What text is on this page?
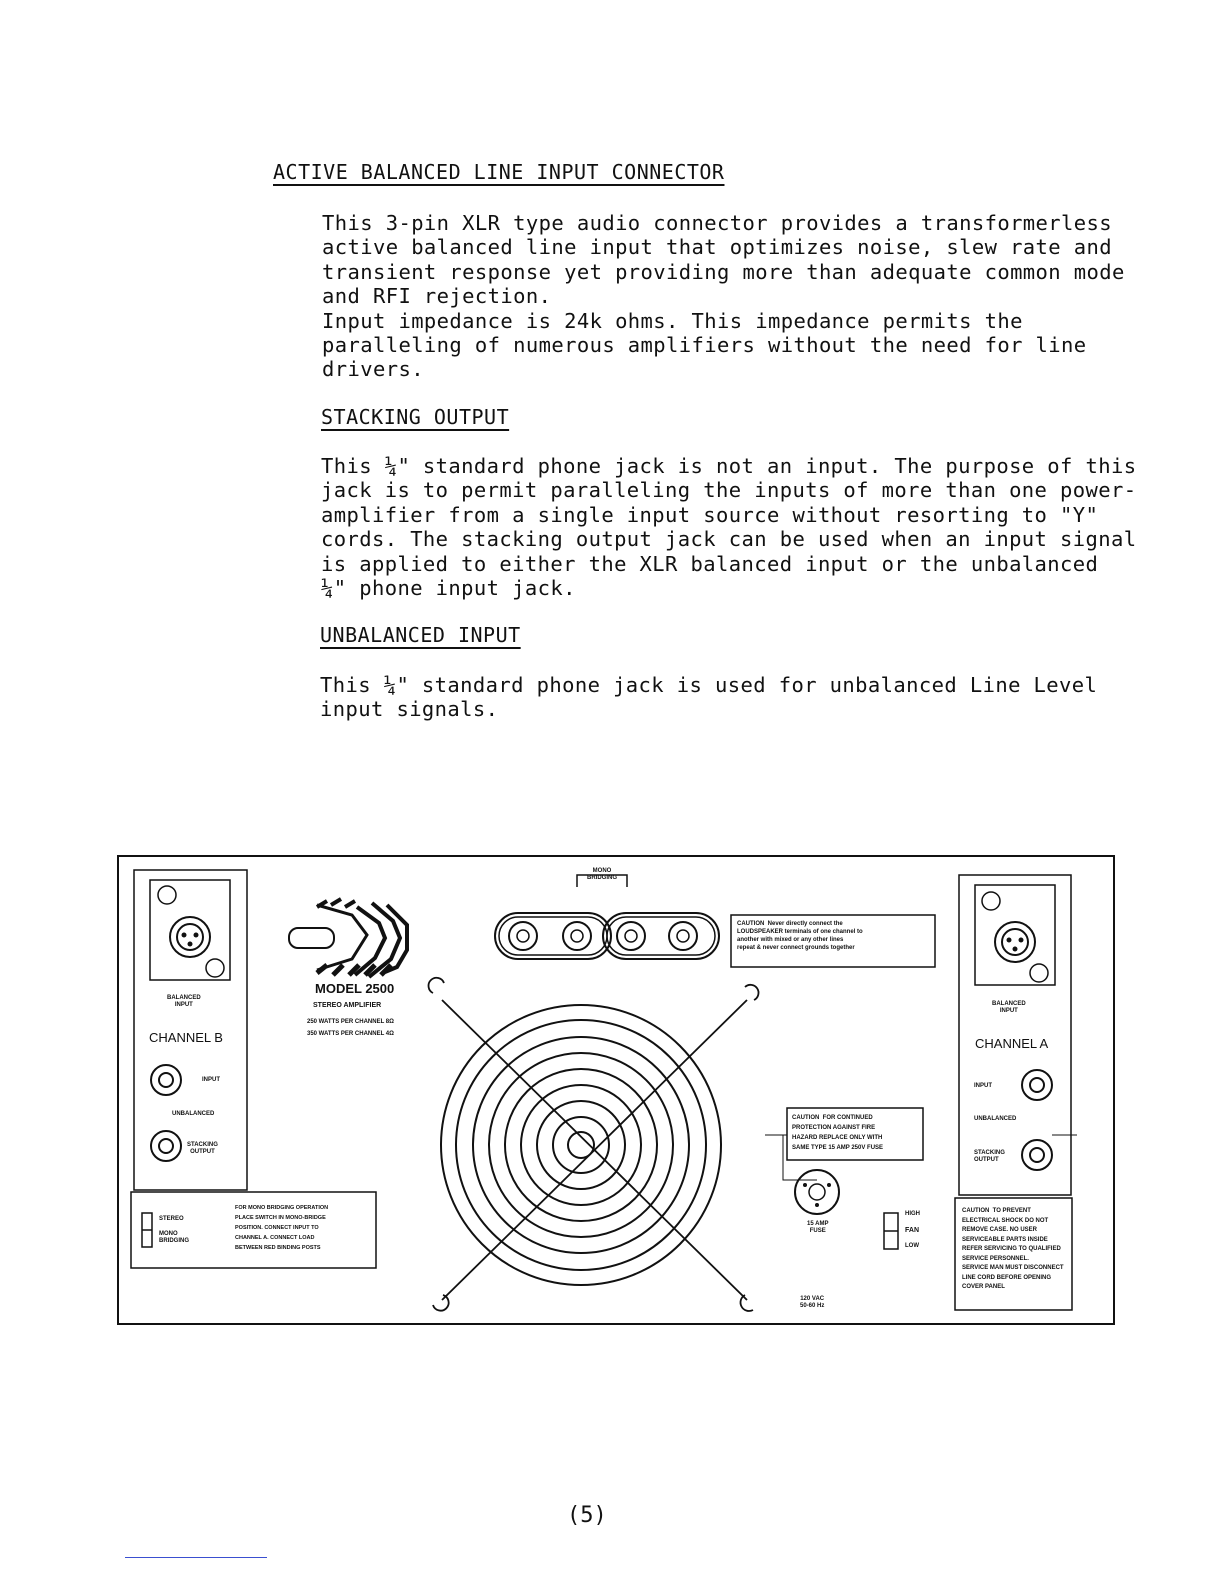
ACTIVE BALANCED LINE INPUT CONNECTOR
This 3-pin XLR type audio connector provides a transformerless
active balanced line input that optimizes noise, slew rate and
transient response yet providing more than adequate common mode
and RFI rejection.
Input impedance is 24k ohms. This impedance permits the
paralleling of numerous amplifiers without the need for line
drivers.
STACKING OUTPUT
This ¼" standard phone jack is not an input. The purpose of this
jack is to permit paralleling the inputs of more than one power-
amplifier from a single input source without resorting to "Y"
cords. The stacking output jack can be used when an input signal
is applied to either the XLR balanced input or the unbalanced
¼" phone input jack.
UNBALANCED INPUT
This ¼" standard phone jack is used for unbalanced Line Level
input signals.
BALANCED
INPUT
CHANNEL B
INPUT
UNBALANCED
STACKING
OUTPUT
MODEL 2500
STEREO AMPLIFIER
250 WATTS PER CHANNEL 8Ω
350 WATTS PER CHANNEL 4Ω
MONO
BRIDGING
CAUTION  Never directly connect the
LOUDSPEAKER terminals of one channel to
another with mixed or any other lines
repeat & never connect grounds together
STEREO
MONO
BRIDGING
FOR MONO BRIDGING OPERATION
PLACE SWITCH IN MONO-BRIDGE
POSITION. CONNECT INPUT TO
CHANNEL A. CONNECT LOAD
BETWEEN RED BINDING POSTS
CAUTION  FOR CONTINUED
PROTECTION AGAINST FIRE
HAZARD REPLACE ONLY WITH
SAME TYPE 15 AMP 250V FUSE
15 AMP
FUSE
HIGH
FAN
LOW
120 VAC
50-60 Hz
BALANCED
INPUT
CHANNEL A
INPUT
UNBALANCED
STACKING
OUTPUT
CAUTION  TO PREVENT
ELECTRICAL SHOCK DO NOT
REMOVE CASE. NO USER
SERVICEABLE PARTS INSIDE
REFER SERVICING TO QUALIFIED
SERVICE PERSONNEL.
SERVICE MAN MUST DISCONNECT
LINE CORD BEFORE OPENING
COVER PANEL
(5)
